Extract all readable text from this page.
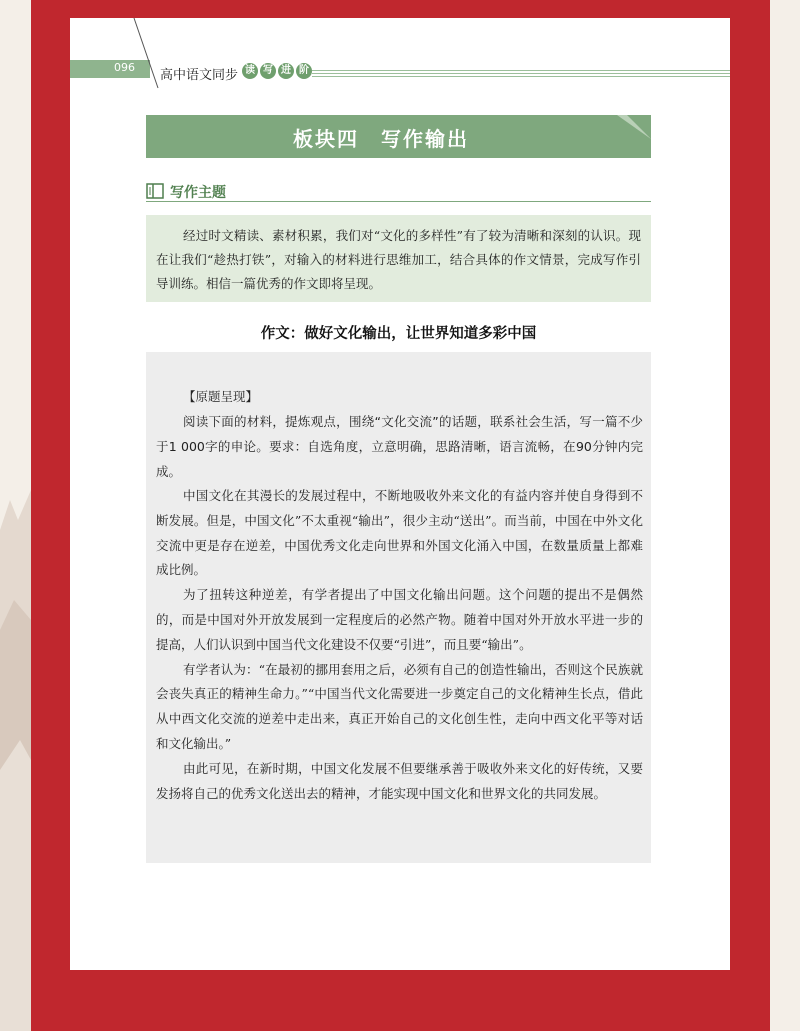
096
高中语文同步 读 写 进 阶
板块四　写作输出
写作主题
经过时文精读、素材积累，我们对“文化的多样性”有了较为清晰和深刻的认识。现在让我们“趁热打铁”，对输入的材料进行思维加工，结合具体的作文情景，完成写作引导训练。相信一篇优秀的作文即将呈现。
作文：做好文化输出，让世界知道多彩中国
【原题呈现】

阅读下面的材料，提炼观点，围绕“文化交流”的话题，联系社会生活，写一篇不少于1 000字的申论。要求：自选角度，立意明确，思路清晰，语言流畅，在90分钟内完成。

中国文化在其漫长的发展过程中，不断地吸收外来文化的有益内容并使自身得到不断发展。但是，中国文化”不太重视“输出”，很少主动“送出”。而当前，中国在中外文化交流中更是存在逆差，中国优秀文化走向世界和外国文化涌入中国，在数量质量上都难成比例。

为了扭转这种逆差，有学者提出了中国文化输出问题。这个问题的提出不是偶然的，而是中国对外开放发展到一定程度后的必然产物。随着中国对外开放水平进一步的提高，人们认识到中国当代文化建设不仅要“引进”，而且要“输出”。

有学者认为：“在最初的挪用套用之后，必须有自己的创造性输出，否则这个民族就会丧失真正的精神生命力。”“中国当代文化需要进一步奠定自己的文化精神生长点，借此从中西文化交流的逆差中走出来，真正开始自己的文化创生性，走向中西文化平等对话和文化输出。”

由此可见，在新时期，中国文化发展不但要继承善于吸收外来文化的好传统，又要发扬将自己的优秀文化送出去的精神，才能实现中国文化和世界文化的共同发展。
